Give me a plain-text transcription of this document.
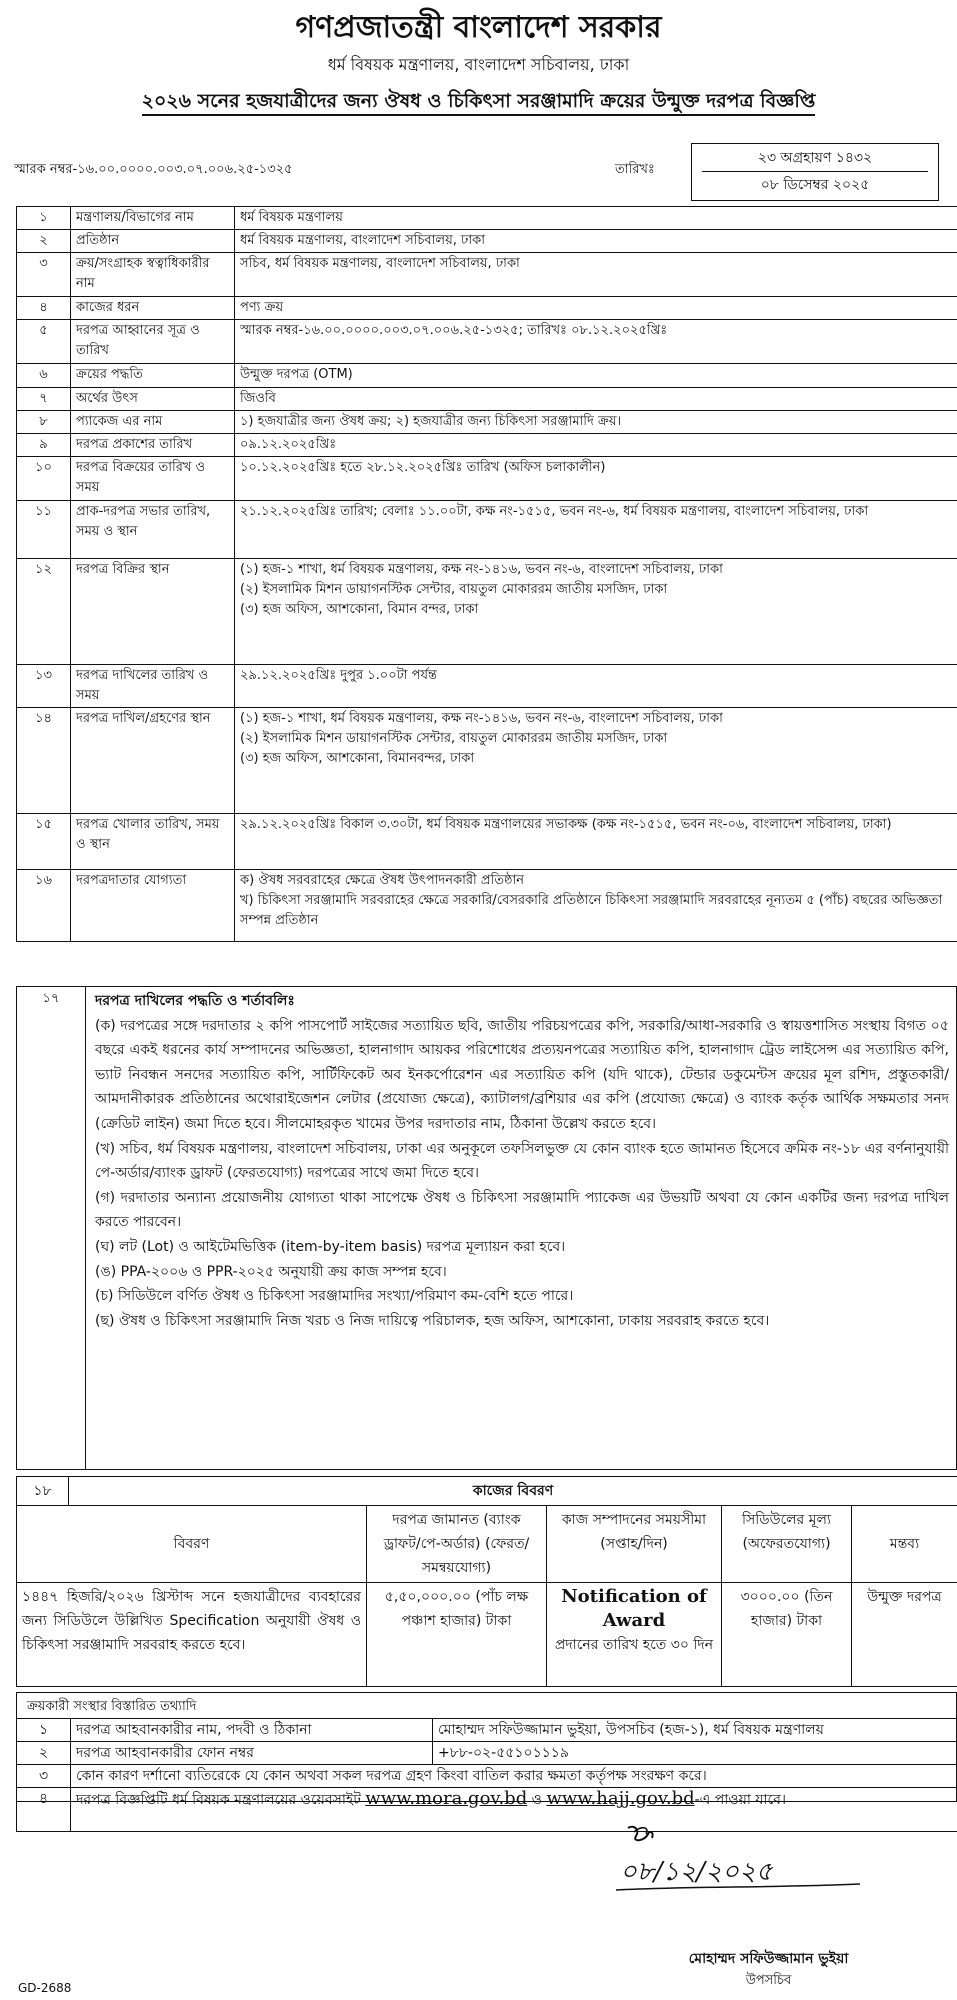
গণপ্রজাতন্ত্রী বাংলাদেশ সরকার
ধর্ম বিষয়ক মন্ত্রণালয়, বাংলাদেশ সচিবালয়, ঢাকা
২০২৬ সনের হজযাত্রীদের জন্য ঔষধ ও চিকিৎসা সরঞ্জামাদি ক্রয়ের উন্মুক্ত দরপত্র বিজ্ঞপ্তি
স্মারক নম্বর-১৬.০০.০০০০.০০৩.০৭.০০৬.২৫-১৩২৫	তারিখঃ
২৩ অগ্রহায়ণ ১৪৩২
০৮ ডিসেম্বর ২০২৫
১	মন্ত্রণালয়/বিভাগের নাম	ধর্ম বিষয়ক মন্ত্রণালয়
২	প্রতিষ্ঠান	ধর্ম বিষয়ক মন্ত্রণালয়, বাংলাদেশ সচিবালয়, ঢাকা
৩	ক্রয়/সংগ্রাহক স্বত্বাধিকারীর নাম	সচিব, ধর্ম বিষয়ক মন্ত্রণালয়, বাংলাদেশ সচিবালয়, ঢাকা
৪	কাজের ধরন	পণ্য ক্রয়
৫	দরপত্র আহ্বানের সূত্র ও তারিখ	স্মারক নম্বর-১৬.০০.০০০০.০০৩.০৭.০০৬.২৫-১৩২৫; তারিখঃ ০৮.১২.২০২৫খ্রিঃ
৬	ক্রয়ের পদ্ধতি	উন্মুক্ত দরপত্র (OTM)
৭	অর্থের উৎস	জিওবি
৮	প্যাকেজ এর নাম	১) হজযাত্রীর জন্য ঔষধ ক্রয়; ২) হজযাত্রীর জন্য চিকিৎসা সরঞ্জামাদি ক্রয়।
৯	দরপত্র প্রকাশের তারিখ	০৯.১২.২০২৫খ্রিঃ
১০	দরপত্র বিক্রয়ের তারিখ ও সময়	১০.১২.২০২৫খ্রিঃ হতে ২৮.১২.২০২৫খ্রিঃ তারিখ (অফিস চলাকালীন)
১১	প্রাক-দরপত্র সভার তারিখ, সময় ও স্থান	২১.১২.২০২৫খ্রিঃ তারিখ; বেলাঃ ১১.০০টা, কক্ষ নং-১৫১৫, ভবন নং-৬, ধর্ম বিষয়ক মন্ত্রণালয়, বাংলাদেশ সচিবালয়, ঢাকা
১২	দরপত্র বিক্রির স্থান	(১) হজ-১ শাখা, ধর্ম বিষয়ক মন্ত্রণালয়, কক্ষ নং-১৪১৬, ভবন নং-৬, বাংলাদেশ সচিবালয়, ঢাকা
(২) ইসলামিক মিশন ডায়াগনস্টিক সেন্টার, বায়তুল মোকাররম জাতীয় মসজিদ, ঢাকা
(৩) হজ অফিস, আশকোনা, বিমান বন্দর, ঢাকা

১৩	দরপত্র দাখিলের তারিখ ও সময়	২৯.১২.২০২৫খ্রিঃ দুপুর ১.০০টা পর্যন্ত
১৪	দরপত্র দাখিল/গ্রহণের স্থান	(১) হজ-১ শাখা, ধর্ম বিষয়ক মন্ত্রণালয়, কক্ষ নং-১৪১৬, ভবন নং-৬, বাংলাদেশ সচিবালয়, ঢাকা
(২) ইসলামিক মিশন ডায়াগনস্টিক সেন্টার, বায়তুল মোকাররম জাতীয় মসজিদ, ঢাকা
(৩) হজ অফিস, আশকোনা, বিমানবন্দর, ঢাকা

১৫	দরপত্র খোলার তারিখ, সময় ও স্থান	২৯.১২.২০২৫খ্রিঃ বিকাল ৩.৩০টা, ধর্ম বিষয়ক মন্ত্রণালয়ের সভাকক্ষ (কক্ষ নং-১৫১৫, ভবন নং-০৬, বাংলাদেশ সচিবালয়, ঢাকা)
১৬	দরপত্রদাতার যোগ্যতা	ক) ঔষধ সরবরাহের ক্ষেত্রে ঔষধ উৎপাদনকারী প্রতিষ্ঠান
খ) চিকিৎসা সরঞ্জামাদি সরবরাহের ক্ষেত্রে সরকারি/বেসরকারি প্রতিষ্ঠানে চিকিৎসা সরঞ্জামাদি সরবরাহের নূন্যতম ৫ (পাঁচ) বছরের অভিজ্ঞতা সম্পন্ন প্রতিষ্ঠান
১৭	দরপত্র দাখিলের পদ্ধতি ও শর্তাবলিঃ

(ক) দরপত্রের সঙ্গে দরদাতার ২ কপি পাসপোর্ট সাইজের সত্যায়িত ছবি, জাতীয় পরিচয়পত্রের কপি, সরকারি/আধা-সরকারি ও স্বায়ত্তশাসিত সংস্থায় বিগত ০৫ বছরে একই ধরনের কার্য সম্পাদনের অভিজ্ঞতা, হালনাগাদ আয়কর পরিশোধের প্রত্যয়নপত্রের সত্যায়িত কপি, হালনাগাদ ট্রেড লাইসেন্স এর সত্যায়িত কপি, ভ্যাট নিবন্ধন সনদের সত্যায়িত কপি, সার্টিফিকেট অব ইনকর্পোরেশন এর সত্যায়িত কপি (যদি থাকে), টেন্ডার ডকুমেন্টস ক্রয়ের মূল রশিদ, প্রস্তুতকারী/আমদানীকারক প্রতিষ্ঠানের অথোরাইজেশন লেটার (প্রযোজ্য ক্ষেত্রে), ক্যাটালগ/ব্রশিয়ার এর কপি (প্রযোজ্য ক্ষেত্রে) ও ব্যাংক কর্তৃক আর্থিক সক্ষমতার সনদ (ক্রেডিট লাইন) জমা দিতে হবে। সীলমোহরকৃত খামের উপর দরদাতার নাম, ঠিকানা উল্লেখ করতে হবে।

(খ) সচিব, ধর্ম বিষয়ক মন্ত্রণালয়, বাংলাদেশ সচিবালয়, ঢাকা এর অনুকূলে তফসিলভুক্ত যে কোন ব্যাংক হতে জামানত হিসেবে ক্রমিক নং-১৮ এর বর্ণনানুযায়ী পে-অর্ডার/ব্যাংক ড্রাফট (ফেরতযোগ্য) দরপত্রের সাথে জমা দিতে হবে।

(গ) দরদাতার অন্যান্য প্রয়োজনীয় যোগ্যতা থাকা সাপেক্ষে ঔষধ ও চিকিৎসা সরঞ্জামাদি প্যাকেজ এর উভয়টি অথবা যে কোন একটির জন্য দরপত্র দাখিল করতে পারবেন।

(ঘ) লট (Lot) ও আইটেমভিত্তিক (item-by-item basis) দরপত্র মূল্যায়ন করা হবে।

(ঙ) PPA-২০০৬ ও PPR-২০২৫ অনুযায়ী ক্রয় কাজ সম্পন্ন হবে।

(চ) সিডিউলে বর্ণিত ঔষধ ও চিকিৎসা সরঞ্জামাদির সংখ্যা/পরিমাণ কম-বেশি হতে পারে।

(ছ) ঔষধ ও চিকিৎসা সরঞ্জামাদি নিজ খরচ ও নিজ দায়িত্বে পরিচালক, হজ অফিস, আশকোনা, ঢাকায় সরবরাহ করতে হবে।

১৮	কাজের বিবরণ				
বিবরণ		দরপত্র জামানত (ব্যাংক ড্রাফট/পে-অর্ডার) (ফেরত/সমন্বয়যোগ্য)	কাজ সম্পাদনের সময়সীমা (সপ্তাহ/দিন)	সিডিউলের মূল্য (অফেরতযোগ্য)	মন্তব্য
১৪৪৭ হিজরি/২০২৬ খ্রিস্টাব্দ সনে হজযাত্রীদের ব্যবহারের জন্য সিডিউলে উল্লিখিত Specification অনুযায়ী ঔষধ ও চিকিৎসা সরঞ্জামাদি সরবরাহ করতে হবে।		৫,৫০,০০০.০০ (পাঁচ লক্ষ পঞ্চাশ হাজার) টাকা	Notification of Award
প্রদানের তারিখ হতে ৩০ দিন	৩০০০.০০ (তিন হাজার) টাকা	উন্মুক্ত দরপত্র
ক্রয়কারী সংস্থার বিস্তারিত তথ্যাদি
১	দরপত্র আহবানকারীর নাম, পদবী ও ঠিকানা	মোহাম্মদ সফিউজ্জামান ভুইয়া, উপসচিব (হজ-১), ধর্ম বিষয়ক মন্ত্রণালয়
২	দরপত্র আহবানকারীর ফোন নম্বর	+৮৮-০২-৫৫১০১১১৯
৩	কোন কারণ দর্শানো ব্যতিরেকে যে কোন অথবা সকল দরপত্র গ্রহণ কিংবা বাতিল করার ক্ষমতা কর্তৃপক্ষ সংরক্ষণ করে।	
৪	দরপত্র বিজ্ঞপ্তিটি ধর্ম বিষয়ক মন্ত্রণালয়ের ওয়েবসাইট www.mora.gov.bd ও www.hajj.gov.bd-এ পাওয়া যাবে।	
০৮/১২/২০২৫
মোহাম্মদ সফিউজ্জামান ভুইয়া
উপসচিব
GD-2688
